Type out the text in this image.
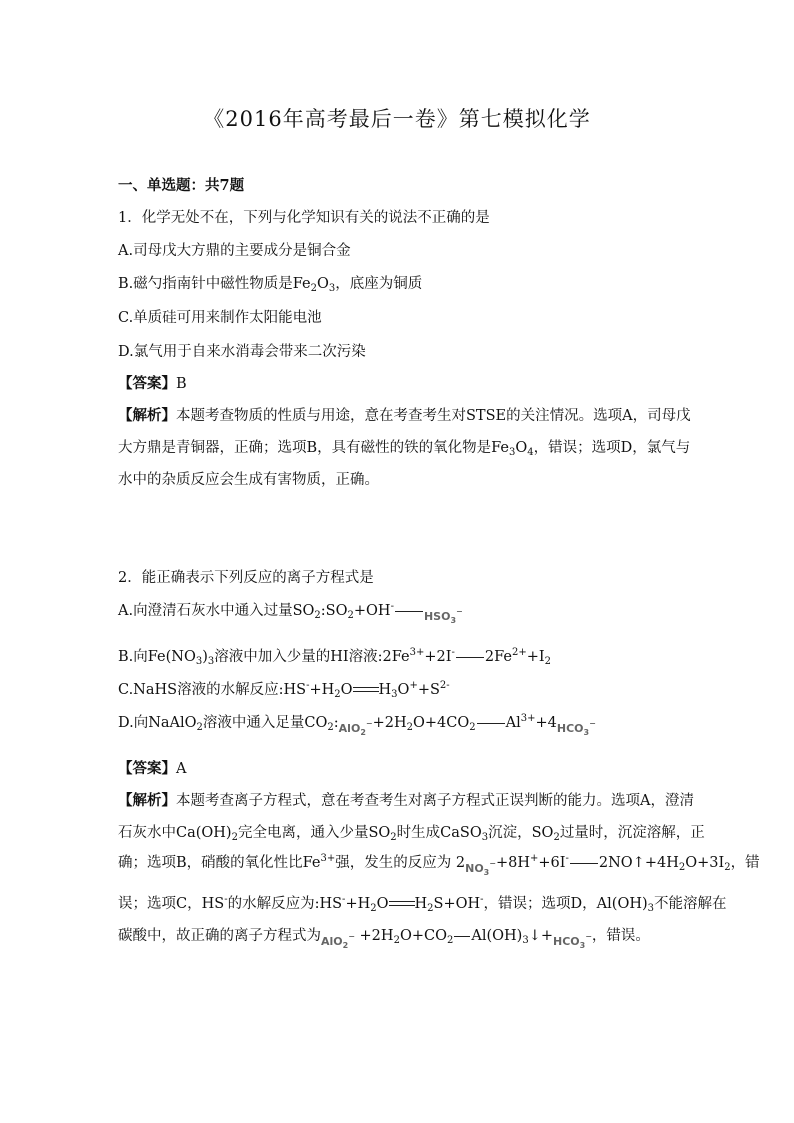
《2016年高考最后一卷》第七模拟化学
一、单选题：共7题
1．化学无处不在，下列与化学知识有关的说法不正确的是
A.司母戊大方鼎的主要成分是铜合金
B.磁勺指南针中磁性物质是$Fe_2O_3$，底座为铜质
C.单质硅可用来制作太阳能电池
D.氯气用于自来水消毒会带来二次污染
【答案】B
【解析】本题考查物质的性质与用途，意在考查考生对STSE的关注情况。选项A，司母戊
大方鼎是青铜器，正确；选项B，具有磁性的铁的氧化物是$Fe_3O_4$，错误；选项D，氯气与
水中的杂质反应会生成有害物质，正确。
2．能正确表示下列反应的离子方程式是
A.向澄清石灰水中通入过量$SO_2:SO_2+OH^-HSO_3^-$
B.向$Fe(NO_3)_3$溶液中加入少量的HI溶液$:2Fe^{3+}+2I^-$ $2Fe^{2+}+I_2$
C.NaHS溶液的水解反应$:HS^-+H_2O$ $H_3O^++S^{2-}$
D.向NaAlO$_2$溶液中通入足量$CO_2:AlO_2^-+2H_2O+4CO_2$ $Al^{3+}+4HCO_3^-$
【答案】A
【解析】本题考查离子方程式，意在考查考生对离子方程式正误判断的能力。选项A，澄清
石灰水中$Ca(OH)_2$完全电离，通入少量$SO_2$时生成CaSO$_3$沉淀，$SO_2$过量时，沉淀溶解，正
确；选项B，硝酸的氧化性比$Fe^{3+}$强，发生的反应为 $2NO_3^-+8H^++6I^-$ $2NO↑+4H_2O+3I_2$，错
误；选项C，HS-的水解反应为$:HS^-+H_2O$ $H_2S+OH^-$，错误；选项D，$Al(OH)_3$不能溶解在
碳酸中，故正确的离子方程式为$AlO_2^- +2H_2O+CO_2$ $Al(OH)_3↓+HCO_3^-$，错误。
